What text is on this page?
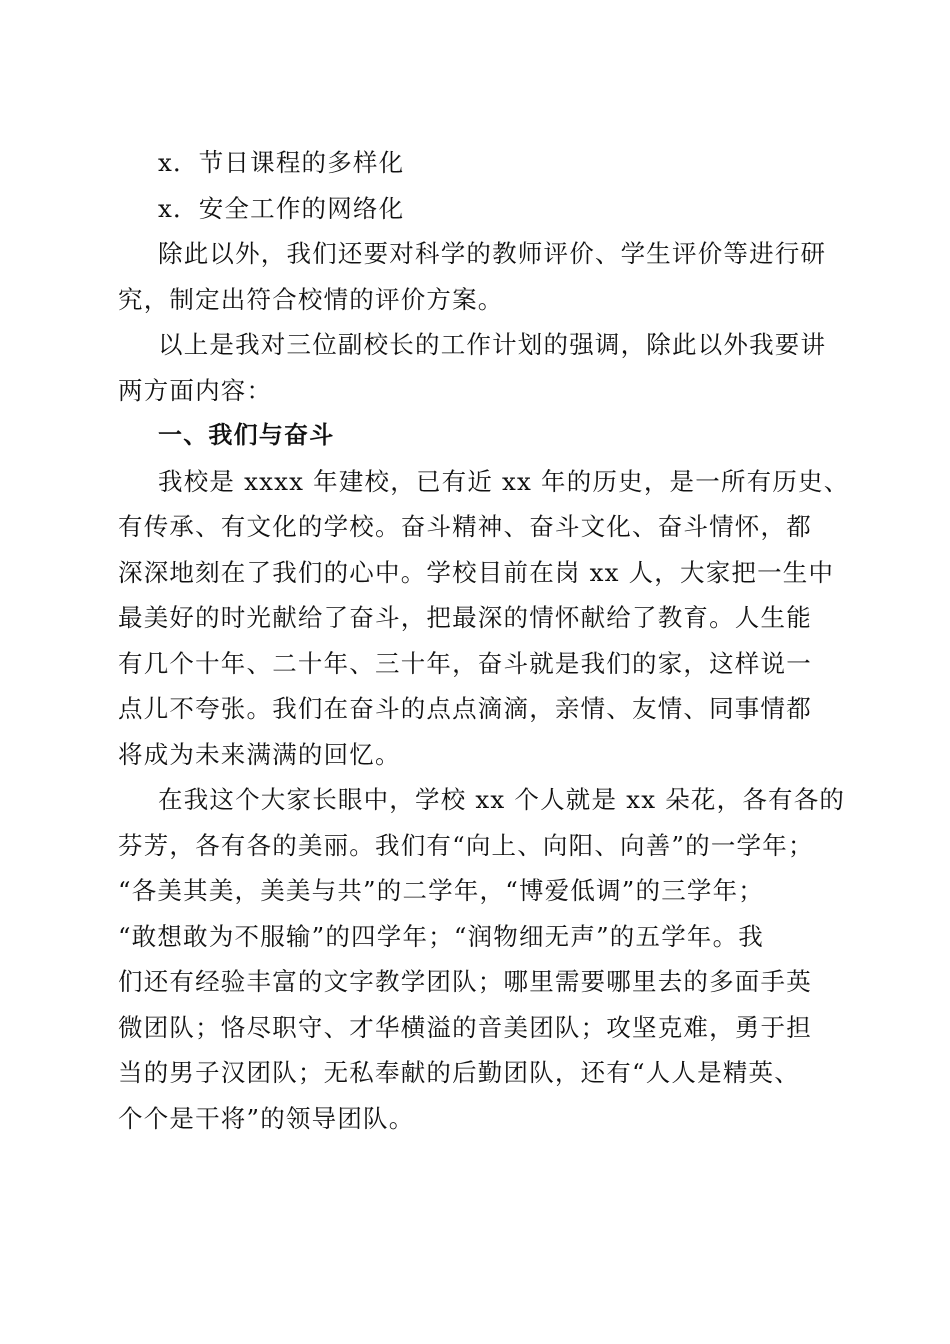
x．节日课程的多样化
x．安全工作的网络化
除此以外，我们还要对科学的教师评价、学生评价等进行研
究，制定出符合校情的评价方案。
以上是我对三位副校长的工作计划的强调，除此以外我要讲
两方面内容：
一、我们与奋斗
我校是 xxxx 年建校，已有近 xx 年的历史，是一所有历史、
有传承、有文化的学校。奋斗精神、奋斗文化、奋斗情怀，都
深深地刻在了我们的心中。学校目前在岗 xx 人，大家把一生中
最美好的时光献给了奋斗，把最深的情怀献给了教育。人生能
有几个十年、二十年、三十年，奋斗就是我们的家，这样说一
点儿不夸张。我们在奋斗的点点滴滴，亲情、友情、同事情都
将成为未来满满的回忆。
在我这个大家长眼中，学校 xx 个人就是 xx 朵花，各有各的
芬芳，各有各的美丽。我们有“向上、向阳、向善”的一学年；
“各美其美，美美与共”的二学年，“博爱低调”的三学年；
“敢想敢为不服输”的四学年；“润物细无声”的五学年。我
们还有经验丰富的文字教学团队；哪里需要哪里去的多面手英
微团队；恪尽职守、才华横溢的音美团队；攻坚克难，勇于担
当的男子汉团队；无私奉献的后勤团队，还有“人人是精英、
个个是干将”的领导团队。
